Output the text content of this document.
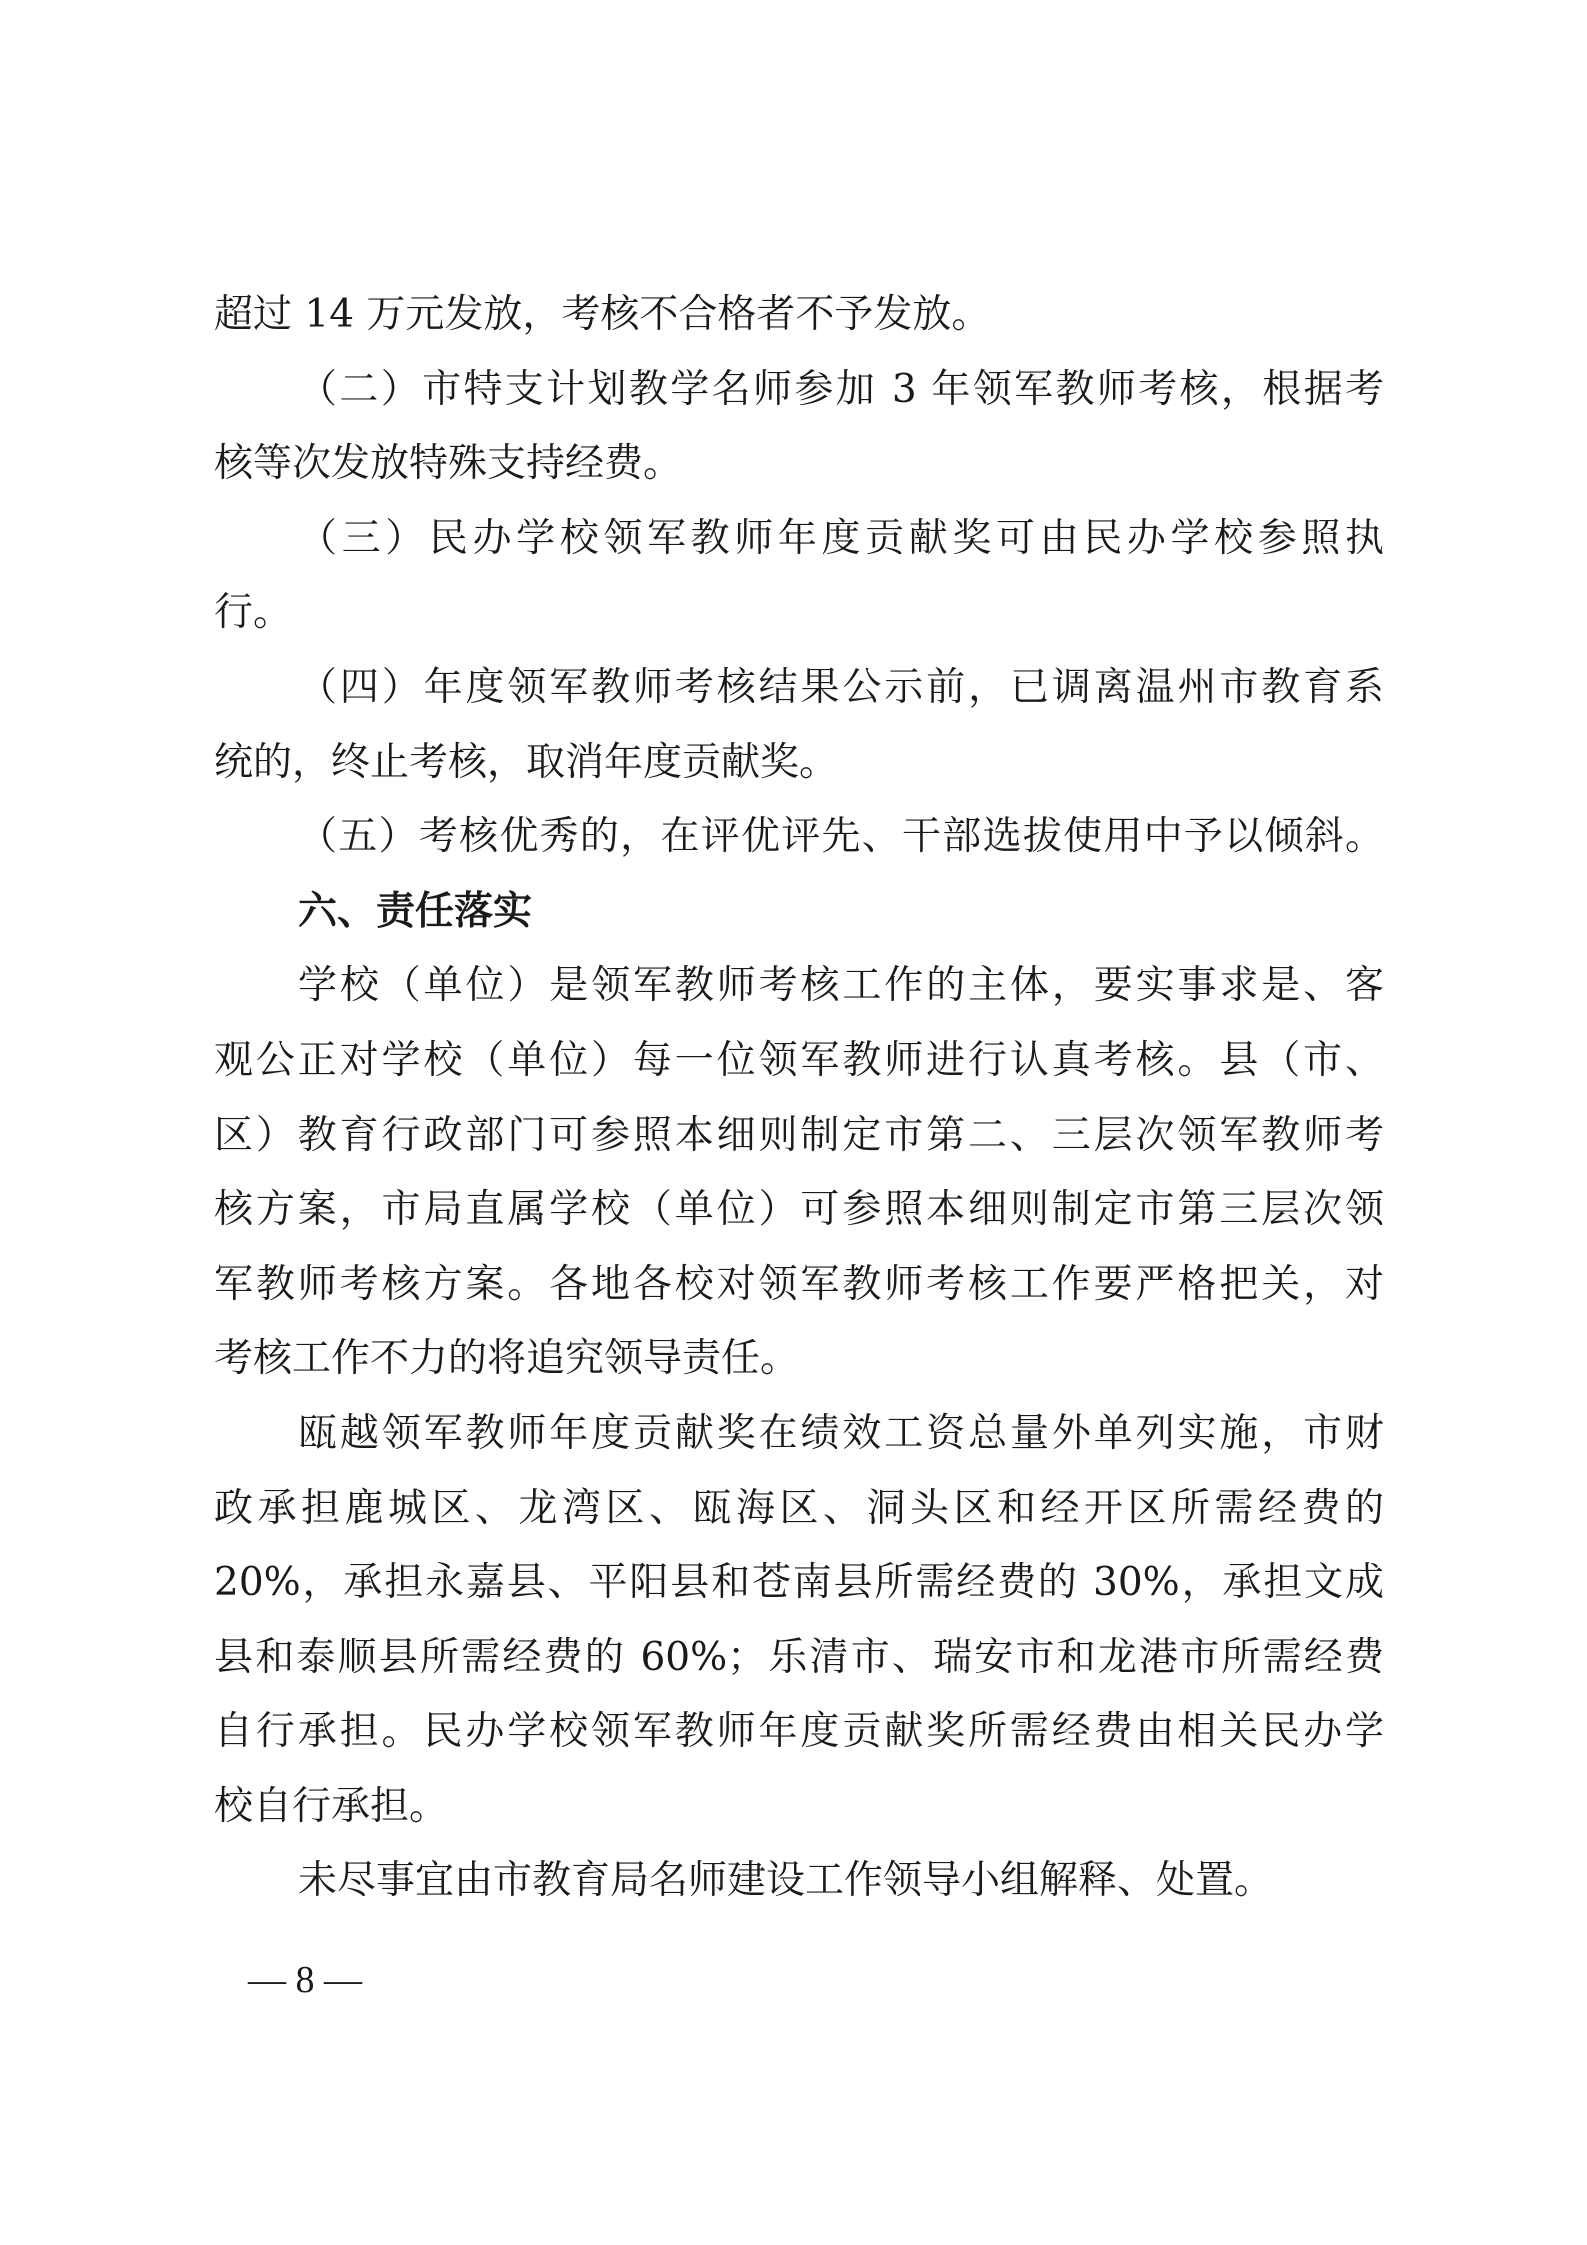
超过 14 万元发放，考核不合格者不予发放。
（二）市特支计划教学名师参加 3 年领军教师考核，根据考
核等次发放特殊支持经费。
（三）民办学校领军教师年度贡献奖可由民办学校参照执
行。
（四）年度领军教师考核结果公示前，已调离温州市教育系
统的，终止考核，取消年度贡献奖。
（五）考核优秀的，在评优评先、干部选拔使用中予以倾斜。
六、责任落实
学校（单位）是领军教师考核工作的主体，要实事求是、客
观公正对学校（单位）每一位领军教师进行认真考核。县（市、
区）教育行政部门可参照本细则制定市第二、三层次领军教师考
核方案，市局直属学校（单位）可参照本细则制定市第三层次领
军教师考核方案。各地各校对领军教师考核工作要严格把关，对
考核工作不力的将追究领导责任。
瓯越领军教师年度贡献奖在绩效工资总量外单列实施，市财
政承担鹿城区、龙湾区、瓯海区、洞头区和经开区所需经费的
20%，承担永嘉县、平阳县和苍南县所需经费的 30%，承担文成
县和泰顺县所需经费的 60%；乐清市、瑞安市和龙港市所需经费
自行承担。民办学校领军教师年度贡献奖所需经费由相关民办学
校自行承担。
未尽事宜由市教育局名师建设工作领导小组解释、处置。
— 8 —
